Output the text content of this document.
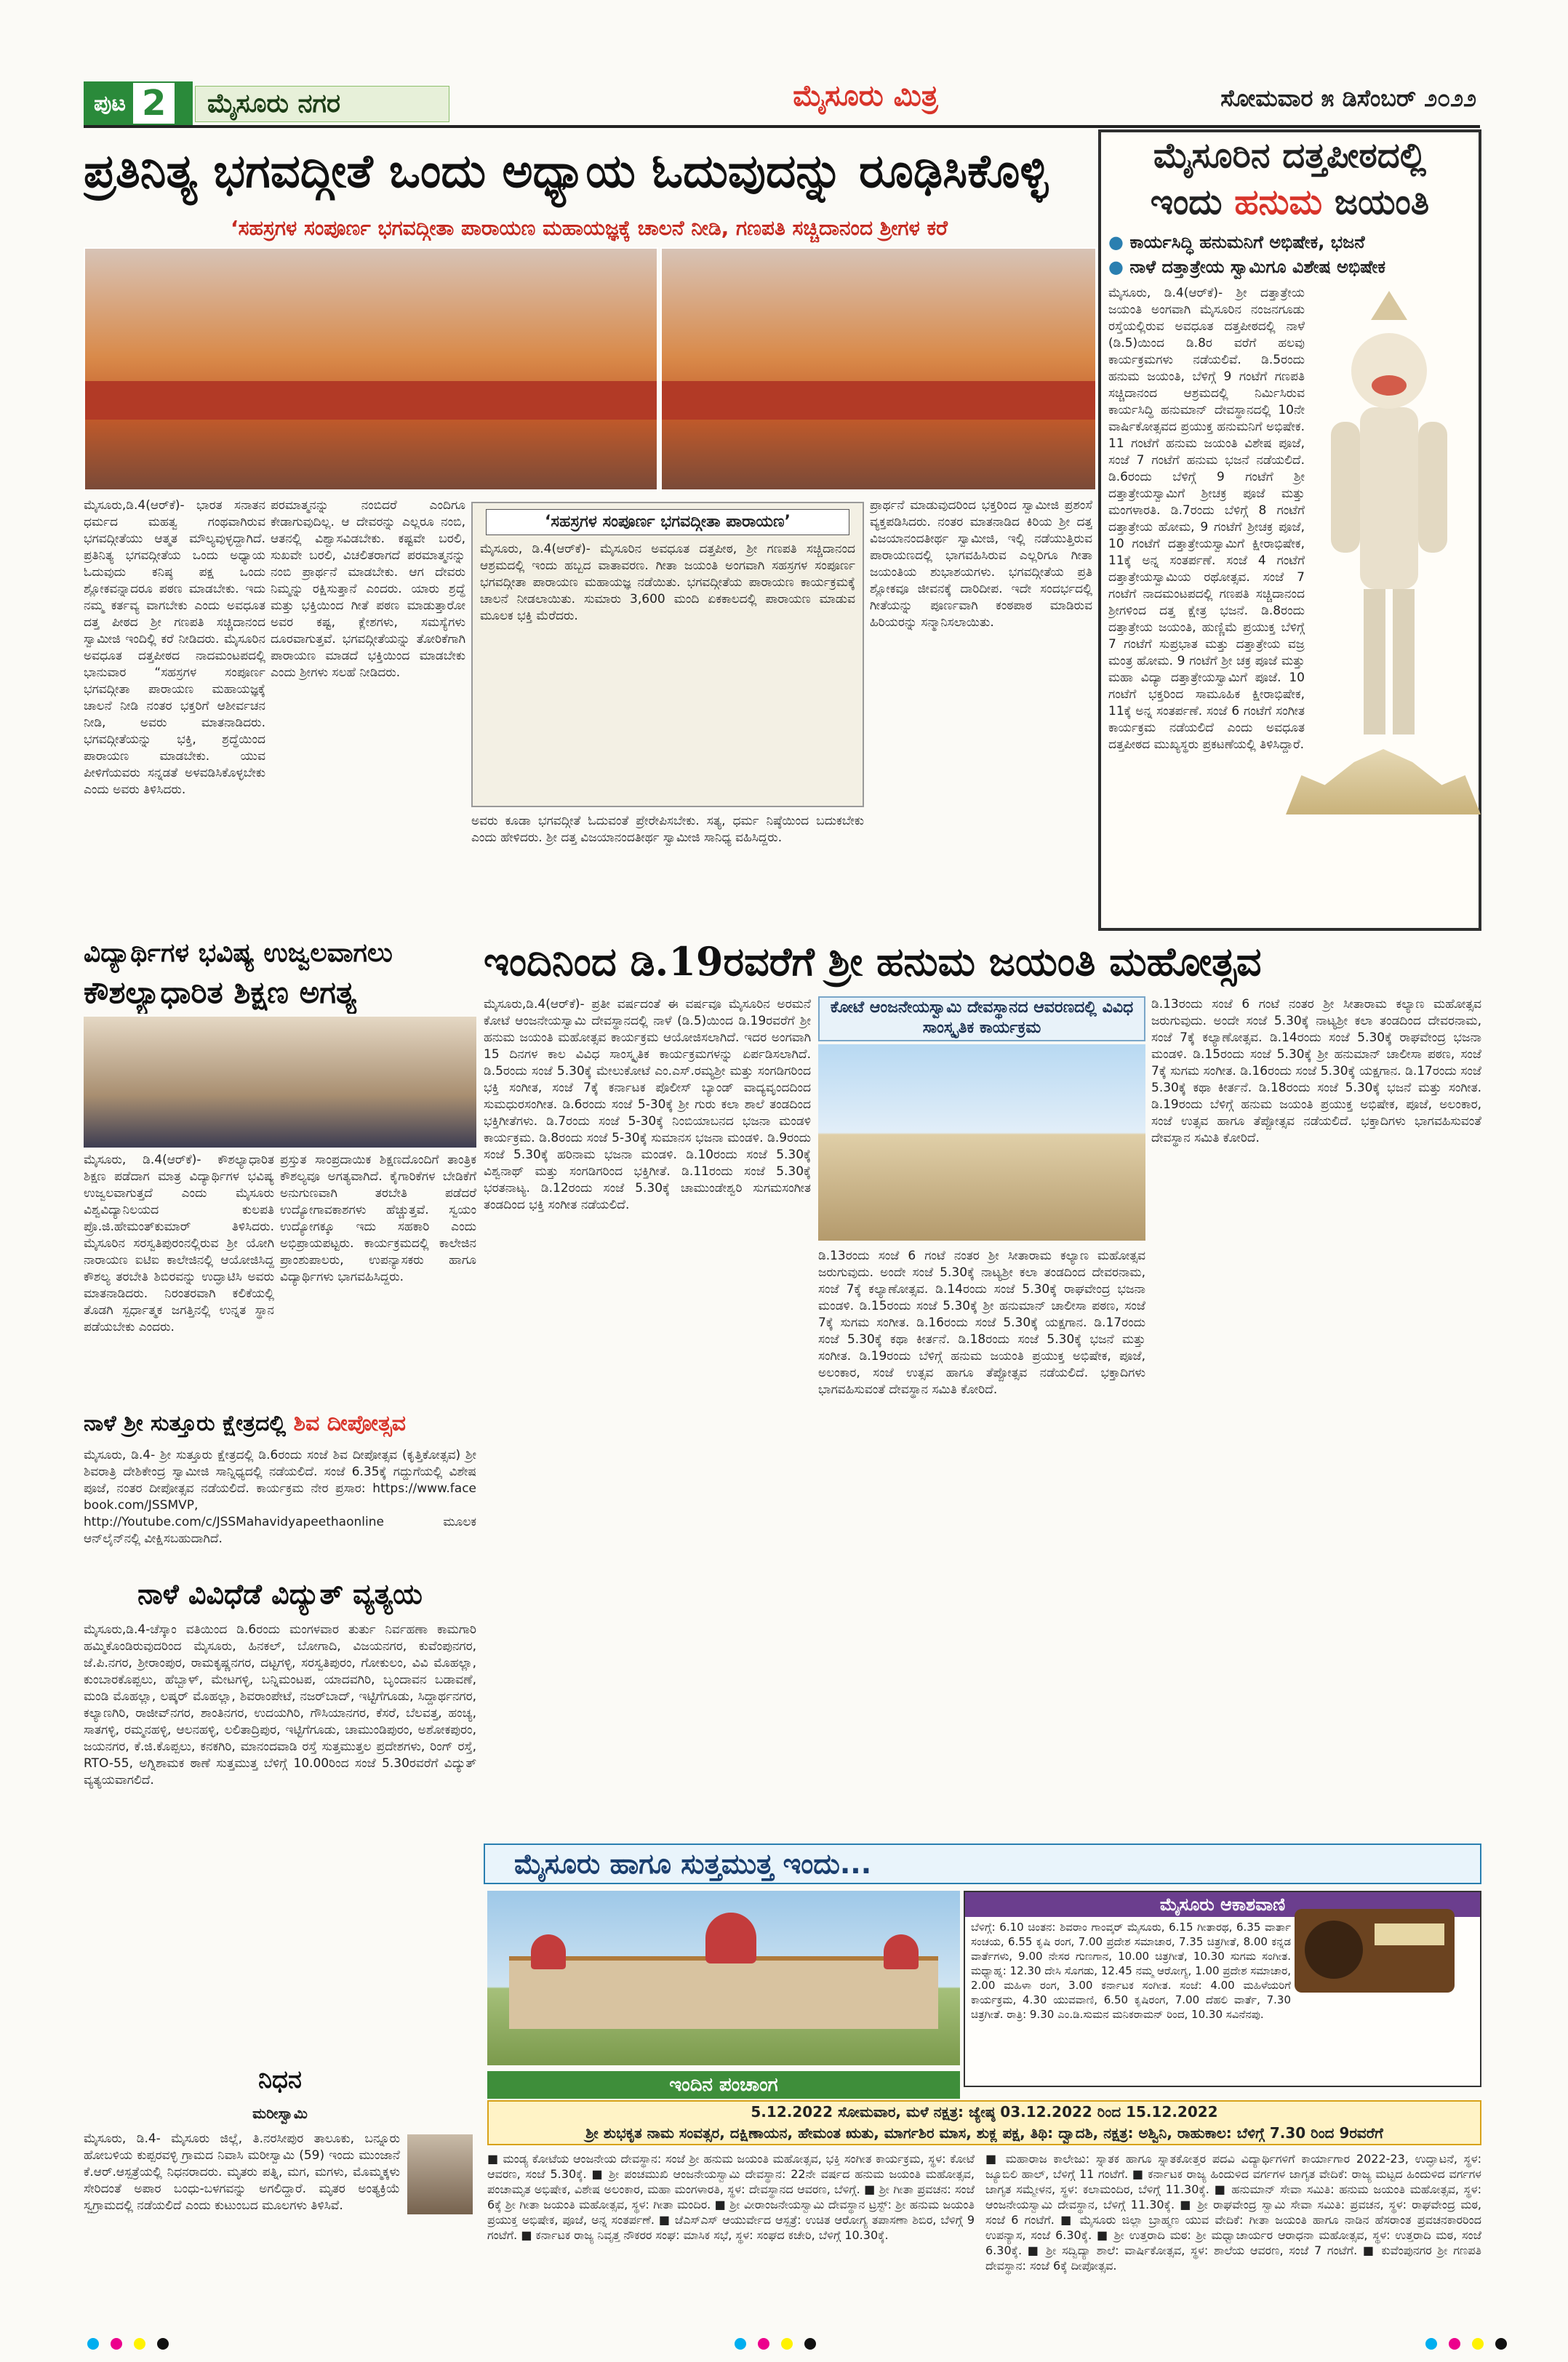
ಪುಟ 2	ಮೈಸೂರು ನಗರ	ಮೈಸೂರು ಮಿತ್ರ	ಸೋಮವಾರ ೫ ಡಿಸೆಂಬರ್ ೨೦೨೨
ಪ್ರತಿನಿತ್ಯ ಭಗವದ್ಗೀತೆ ಒಂದು ಅಧ್ಯಾಯ ಓದುವುದನ್ನು ರೂಢಿಸಿಕೊಳ್ಳಿ
‘ಸಹಸ್ರಗಳ ಸಂಪೂರ್ಣ ಭಗವದ್ಗೀತಾ ಪಾರಾಯಣ ಮಹಾಯಜ್ಞಕ್ಕೆ ಚಾಲನೆ ನೀಡಿ, ಗಣಪತಿ ಸಚ್ಚಿದಾನಂದ ಶ್ರೀಗಳ ಕರೆ
ಮೈಸೂರು,ಡಿ.4(ಆರ್‌ಕೆ)- ಭಾರತ ಸನಾತನ ಧರ್ಮದ ಮಹತ್ವ ಗಂಥವಾಗಿರುವ ಭಗವದ್ಗೀತೆಯು ಆತ್ಮತ ಮೌಲ್ಯವುಳ್ಳದ್ದಾಗಿದೆ. ಪ್ರತಿನಿತ್ಯ ಭಗವದ್ಗೀತೆಯ ಒಂದು ಅಧ್ಯಾಯ ಓದುವುದು ಕನಿಷ್ಠ ಪಕ್ಷ ಒಂದು ಶ್ಲೋಕವನ್ನಾದರೂ ಪಠಣ ಮಾಡಬೇಕು. ಇದು ನಮ್ಮ ಕರ್ತವ್ಯ ವಾಗಬೇಕು ಎಂದು ಅವಧೂತ ದತ್ತ ಪೀಠದ ಶ್ರೀ ಗಣಪತಿ ಸಚ್ಚಿದಾನಂದ ಸ್ವಾಮೀಜಿ ಇಂದಿಲ್ಲಿ ಕರೆ ನೀಡಿದರು. ಮೈಸೂರಿನ ಅವಧೂತ ದತ್ತಪೀಠದ ನಾದಮಂಟಪದಲ್ಲಿ ಭಾನುವಾರ “ಸಹಸ್ರಗಳ ಸಂಪೂರ್ಣ ಭಗವದ್ಗೀತಾ ಪಾರಾಯಣ ಮಹಾಯಜ್ಞಕ್ಕೆ ಚಾಲನೆ ನೀಡಿ ನಂತರ ಭಕ್ತರಿಗೆ ಆಶೀರ್ವಚನ ನೀಡಿ, ಅವರು ಮಾತನಾಡಿದರು. ಭಗವದ್ಗೀತೆಯನ್ನು ಭಕ್ತಿ, ಶ್ರದ್ಧೆಯಿಂದ ಪಾರಾಯಣ ಮಾಡಬೇಕು. ಯುವ ಪೀಳಿಗೆಯವರು ಸನ್ನಡತೆ ಅಳವಡಿಸಿಕೊಳ್ಳಬೇಕು ಎಂದು ಅವರು ತಿಳಿಸಿದರು.
ಪರಮಾತ್ಮನನ್ನು ನಂಬಿದರೆ ಎಂದಿಗೂ ಕೇಡಾಗುವುದಿಲ್ಲ. ಆ ದೇವರನ್ನು ಎಲ್ಲರೂ ನಂಬಿ, ಆತನಲ್ಲಿ ವಿಶ್ವಾಸವಿಡಬೇಕು. ಕಷ್ಟವೇ ಬರಲಿ, ಸುಖವೇ ಬರಲಿ, ವಿಚಲಿತರಾಗದೆ ಪರಮಾತ್ಮನನ್ನು ನಂಬಿ ಪ್ರಾರ್ಥನೆ ಮಾಡಬೇಕು. ಆಗ ದೇವರು ನಿಮ್ಮನ್ನು ರಕ್ಷಿಸುತ್ತಾನೆ ಎಂದರು. ಯಾರು ಶ್ರದ್ಧೆ ಮತ್ತು ಭಕ್ತಿಯಿಂದ ಗೀತೆ ಪಠಣ ಮಾಡುತ್ತಾರೋ ಅವರ ಕಷ್ಟ, ಕ್ಲೇಶಗಳು, ಸಮಸ್ಯೆಗಳು ದೂರವಾಗುತ್ತವೆ. ಭಗವದ್ಗೀತೆಯನ್ನು ತೋರಿಕೆಗಾಗಿ ಪಾರಾಯಣ ಮಾಡದೆ ಭಕ್ತಿಯಿಂದ ಮಾಡಬೇಕು ಎಂದು ಶ್ರೀಗಳು ಸಲಹೆ ನೀಡಿದರು.
‘ಸಹಸ್ರಗಳ ಸಂಪೂರ್ಣ ಭಗವದ್ಗೀತಾ ಪಾರಾಯಣ’
ಮೈಸೂರು, ಡಿ.4(ಆರ್‌ಕೆ)- ಮೈಸೂರಿನ ಅವಧೂತ ದತ್ತಪೀಠ, ಶ್ರೀ ಗಣಪತಿ ಸಚ್ಚಿದಾನಂದ ಆಶ್ರಮದಲ್ಲಿ ಇಂದು ಹಬ್ಬದ ವಾತಾವರಣ. ಗೀತಾ ಜಯಂತಿ ಅಂಗವಾಗಿ ಸಹಸ್ರಗಳ ಸಂಪೂರ್ಣ ಭಗವದ್ಗೀತಾ ಪಾರಾಯಣ ಮಹಾಯಜ್ಞ ನಡೆಯಿತು. ಭಗವದ್ಗೀತೆಯ ಪಾರಾಯಣ ಕಾರ್ಯಕ್ರಮಕ್ಕೆ ಚಾಲನೆ ನೀಡಲಾಯಿತು. ಸುಮಾರು 3,600 ಮಂದಿ ಏಕಕಾಲದಲ್ಲಿ ಪಾರಾಯಣ ಮಾಡುವ ಮೂಲಕ ಭಕ್ತಿ ಮೆರೆದರು.
ಅವರು ಕೂಡಾ ಭಗವದ್ಗೀತೆ ಓದುವಂತೆ ಪ್ರೇರೇಪಿಸಬೇಕು. ಸತ್ಯ, ಧರ್ಮ ನಿಷ್ಠೆಯಿಂದ ಬದುಕಬೇಕು ಎಂದು ಹೇಳಿದರು. ಶ್ರೀ ದತ್ತ ವಿಜಯಾನಂದತೀರ್ಥ ಸ್ವಾಮೀಜಿ ಸಾನಿಧ್ಯ ವಹಿಸಿದ್ದರು.
ಪ್ರಾರ್ಥನೆ ಮಾಡುವುದರಿಂದ ಭಕ್ತರಿಂದ ಸ್ವಾಮೀಜಿ ಪ್ರಶಂಸೆ ವ್ಯಕ್ತಪಡಿಸಿದರು. ನಂತರ ಮಾತನಾಡಿದ ಕಿರಿಯ ಶ್ರೀ ದತ್ತ ವಿಜಯಾನಂದತೀರ್ಥ ಸ್ವಾಮೀಜಿ, ಇಲ್ಲಿ ನಡೆಯುತ್ತಿರುವ ಪಾರಾಯಣದಲ್ಲಿ ಭಾಗವಹಿಸಿರುವ ಎಲ್ಲರಿಗೂ ಗೀತಾ ಜಯಂತಿಯ ಶುಭಾಶಯಗಳು. ಭಗವದ್ಗೀತೆಯ ಪ್ರತಿ ಶ್ಲೋಕವೂ ಜೀವನಕ್ಕೆ ದಾರಿದೀಪ. ಇದೇ ಸಂದರ್ಭದಲ್ಲಿ ಗೀತೆಯನ್ನು ಪೂರ್ಣವಾಗಿ ಕಂಠಪಾಠ ಮಾಡಿರುವ ಹಿರಿಯರನ್ನು ಸನ್ಮಾನಿಸಲಾಯಿತು.
ಮೈಸೂರಿನ ದತ್ತಪೀಠದಲ್ಲಿ
ಇಂದು ಹನುಮ ಜಯಂತಿ
● ಕಾರ್ಯಸಿದ್ಧಿ ಹನುಮನಿಗೆ ಅಭಿಷೇಕ, ಭಜನೆ
● ನಾಳೆ ದತ್ತಾತ್ರೇಯ ಸ್ವಾಮಿಗೂ ವಿಶೇಷ ಅಭಿಷೇಕ
ಮೈಸೂರು, ಡಿ.4(ಆರ್‌ಕೆ)- ಶ್ರೀ ದತ್ತಾತ್ರೇಯ ಜಯಂತಿ ಅಂಗವಾಗಿ ಮೈಸೂರಿನ ನಂಜನಗೂಡು ರಸ್ತೆಯಲ್ಲಿರುವ ಅವಧೂತ ದತ್ತಪೀಠದಲ್ಲಿ ನಾಳೆ (ಡಿ.5)ಯಿಂದ ಡಿ.8ರ ವರೆಗೆ ಹಲವು ಕಾರ್ಯಕ್ರಮಗಳು ನಡೆಯಲಿವೆ. ಡಿ.5ರಂದು ಹನುಮ ಜಯಂತಿ, ಬೆಳಿಗ್ಗೆ 9 ಗಂಟೆಗೆ ಗಣಪತಿ ಸಚ್ಚಿದಾನಂದ ಆಶ್ರಮದಲ್ಲಿ ನಿರ್ಮಿಸಿರುವ ಕಾರ್ಯಸಿದ್ಧಿ ಹನುಮಾನ್ ದೇವಸ್ಥಾನದಲ್ಲಿ 10ನೇ ವಾರ್ಷಿಕೋತ್ಸವದ ಪ್ರಯುಕ್ತ ಹನುಮನಿಗೆ ಅಭಿಷೇಕ. 11 ಗಂಟೆಗೆ ಹನುಮ ಜಯಂತಿ ವಿಶೇಷ ಪೂಜೆ, ಸಂಜೆ 7 ಗಂಟೆಗೆ ಹನುಮ ಭಜನೆ ನಡೆಯಲಿದೆ. ಡಿ.6ರಂದು ಬೆಳಿಗ್ಗೆ 9 ಗಂಟೆಗೆ ಶ್ರೀ ದತ್ತಾತ್ರೇಯಸ್ವಾಮಿಗೆ ಶ್ರೀಚಕ್ರ ಪೂಜೆ ಮತ್ತು ಮಂಗಳಾರತಿ. ಡಿ.7ರಂದು ಬೆಳಿಗ್ಗೆ 8 ಗಂಟೆಗೆ ದತ್ತಾತ್ರೇಯ ಹೋಮ, 9 ಗಂಟೆಗೆ ಶ್ರೀಚಕ್ರ ಪೂಜೆ, 10 ಗಂಟೆಗೆ ದತ್ತಾತ್ರೇಯಸ್ವಾಮಿಗೆ ಕ್ಷೀರಾಭಿಷೇಕ, 11ಕ್ಕೆ ಅನ್ನ ಸಂತರ್ಪಣೆ. ಸಂಜೆ 4 ಗಂಟೆಗೆ ದತ್ತಾತ್ರೇಯಸ್ವಾಮಿಯ ರಥೋತ್ಸವ. ಸಂಜೆ 7 ಗಂಟೆಗೆ ನಾದಮಂಟಪದಲ್ಲಿ ಗಣಪತಿ ಸಚ್ಚಿದಾನಂದ ಶ್ರೀಗಳಿಂದ ದತ್ತ ಕ್ಷೇತ್ರ ಭಜನೆ. ಡಿ.8ರಂದು ದತ್ತಾತ್ರೇಯ ಜಯಂತಿ, ಹುಣ್ಣಿಮೆ ಪ್ರಯುಕ್ತ ಬೆಳಿಗ್ಗೆ 7 ಗಂಟೆಗೆ ಸುಪ್ರಭಾತ ಮತ್ತು ದತ್ತಾತ್ರೇಯ ವಜ್ರ ಮಂತ್ರ ಹೋಮ. 9 ಗಂಟೆಗೆ ಶ್ರೀ ಚಕ್ರ ಪೂಜೆ ಮತ್ತು ಮಹಾ ವಿದ್ಯಾ ದತ್ತಾತ್ರೇಯಸ್ವಾಮಿಗೆ ಪೂಜೆ. 10 ಗಂಟೆಗೆ ಭಕ್ತರಿಂದ ಸಾಮೂಹಿಕ ಕ್ಷೀರಾಭಿಷೇಕ, 11ಕ್ಕೆ ಅನ್ನ ಸಂತರ್ಪಣೆ. ಸಂಜೆ 6 ಗಂಟೆಗೆ ಸಂಗೀತ ಕಾರ್ಯಕ್ರಮ ನಡೆಯಲಿದೆ ಎಂದು ಅವಧೂತ ದತ್ತಪೀಠದ ಮುಖ್ಯಸ್ಥರು ಪ್ರಕಟಣೆಯಲ್ಲಿ ತಿಳಿಸಿದ್ದಾರೆ.
ವಿದ್ಯಾರ್ಥಿಗಳ ಭವಿಷ್ಯ ಉಜ್ವಲವಾಗಲು
ಕೌಶಲ್ಯಾಧಾರಿತ ಶಿಕ್ಷಣ ಅಗತ್ಯ
ಮೈಸೂರು, ಡಿ.4(ಆರ್‌ಕೆ)- ಕೌಶಲ್ಯಾಧಾರಿತ ಶಿಕ್ಷಣ ಪಡೆದಾಗ ಮಾತ್ರ ವಿದ್ಯಾರ್ಥಿಗಳ ಭವಿಷ್ಯ ಉಜ್ವಲವಾಗುತ್ತದೆ ಎಂದು ಮೈಸೂರು ವಿಶ್ವವಿದ್ಯಾನಿಲಯದ ಕುಲಪತಿ ಪ್ರೊ.ಜಿ.ಹೇಮಂತ್‌ಕುಮಾರ್ ತಿಳಿಸಿದರು. ಮೈಸೂರಿನ ಸರಸ್ವತಿಪುರಂನಲ್ಲಿರುವ ಶ್ರೀ ಯೋಗಿ ನಾರಾಯಣ ಐಟಿಐ ಕಾಲೇಜಿನಲ್ಲಿ ಆಯೋಜಿಸಿದ್ದ ಕೌಶಲ್ಯ ತರಬೇತಿ ಶಿಬಿರವನ್ನು ಉದ್ಘಾಟಿಸಿ ಅವರು ಮಾತನಾಡಿದರು. ನಿರಂತರವಾಗಿ ಕಲಿಕೆಯಲ್ಲಿ ತೊಡಗಿ ಸ್ಪರ್ಧಾತ್ಮಕ ಜಗತ್ತಿನಲ್ಲಿ ಉನ್ನತ ಸ್ಥಾನ ಪಡೆಯಬೇಕು ಎಂದರು.
ಪ್ರಸ್ತುತ ಸಾಂಪ್ರದಾಯಿಕ ಶಿಕ್ಷಣದೊಂದಿಗೆ ತಾಂತ್ರಿಕ ಕೌಶಲ್ಯವೂ ಅಗತ್ಯವಾಗಿದೆ. ಕೈಗಾರಿಕೆಗಳ ಬೇಡಿಕೆಗೆ ಅನುಗುಣವಾಗಿ ತರಬೇತಿ ಪಡೆದರೆ ಉದ್ಯೋಗಾವಕಾಶಗಳು ಹೆಚ್ಚುತ್ತವೆ. ಸ್ವಯಂ ಉದ್ಯೋಗಕ್ಕೂ ಇದು ಸಹಕಾರಿ ಎಂದು ಅಭಿಪ್ರಾಯಪಟ್ಟರು. ಕಾರ್ಯಕ್ರಮದಲ್ಲಿ ಕಾಲೇಜಿನ ಪ್ರಾಂಶುಪಾಲರು, ಉಪನ್ಯಾಸಕರು ಹಾಗೂ ವಿದ್ಯಾರ್ಥಿಗಳು ಭಾಗವಹಿಸಿದ್ದರು.
ಇಂದಿನಿಂದ ಡಿ.19ರವರೆಗೆ ಶ್ರೀ ಹನುಮ ಜಯಂತಿ ಮಹೋತ್ಸವ
ಮೈಸೂರು,ಡಿ.4(ಆರ್‌ಕೆ)- ಪ್ರತೀ ವರ್ಷದಂತೆ ಈ ವರ್ಷವೂ ಮೈಸೂರಿನ ಅರಮನೆ ಕೋಟೆ ಆಂಜನೇಯಸ್ವಾಮಿ ದೇವಸ್ಥಾನದಲ್ಲಿ ನಾಳೆ (ಡಿ.5)ಯಿಂದ ಡಿ.19ರವರೆಗೆ ಶ್ರೀ ಹನುಮ ಜಯಂತಿ ಮಹೋತ್ಸವ ಕಾರ್ಯಕ್ರಮ ಆಯೋಜಿಸಲಾಗಿದೆ. ಇದರ ಅಂಗವಾಗಿ 15 ದಿನಗಳ ಕಾಲ ವಿವಿಧ ಸಾಂಸ್ಕೃತಿಕ ಕಾರ್ಯಕ್ರಮಗಳನ್ನು ಏರ್ಪಡಿಸಲಾಗಿದೆ. ಡಿ.5ರಂದು ಸಂಜೆ 5.30ಕ್ಕೆ ಮೇಲುಕೋಟೆ ಎಂ.ಎಸ್.ರಮ್ಯಶ್ರೀ ಮತ್ತು ಸಂಗಡಿಗರಿಂದ ಭಕ್ತಿ ಸಂಗೀತ, ಸಂಜೆ 7ಕ್ಕೆ ಕರ್ನಾಟಕ ಪೊಲೀಸ್ ಬ್ಯಾಂಡ್ ವಾದ್ಯವೃಂದದಿಂದ ಸುಮಧುರಸಂಗೀತ. ಡಿ.6ರಂದು ಸಂಜೆ 5-30ಕ್ಕೆ ಶ್ರೀ ಗುರು ಕಲಾ ಶಾಲೆ ತಂಡದಿಂದ ಭಕ್ತಿಗೀತೆಗಳು. ಡಿ.7ರಂದು ಸಂಜೆ 5-30ಕ್ಕೆ ನಿಂಬಿಯಾಬನದ ಭಜನಾ ಮಂಡಳಿ ಕಾರ್ಯಕ್ರಮ. ಡಿ.8ರಂದು ಸಂಜೆ 5-30ಕ್ಕೆ ಸುಮಾನಸ ಭಜನಾ ಮಂಡಳಿ. ಡಿ.9ರಂದು ಸಂಜೆ 5.30ಕ್ಕೆ ಹರಿನಾಮ ಭಜನಾ ಮಂಡಳಿ. ಡಿ.10ರಂದು ಸಂಜೆ 5.30ಕ್ಕೆ ವಿಶ್ವನಾಥ್ ಮತ್ತು ಸಂಗಡಿಗರಿಂದ ಭಕ್ತಿಗೀತೆ. ಡಿ.11ರಂದು ಸಂಜೆ 5.30ಕ್ಕೆ ಭರತನಾಟ್ಯ. ಡಿ.12ರಂದು ಸಂಜೆ 5.30ಕ್ಕೆ ಚಾಮುಂಡೇಶ್ವರಿ ಸುಗಮಸಂಗೀತ ತಂಡದಿಂದ ಭಕ್ತಿ ಸಂಗೀತ ನಡೆಯಲಿದೆ.
ಕೋಟೆ ಆಂಜನೇಯಸ್ವಾಮಿ ದೇವಸ್ಥಾನದ ಆವರಣದಲ್ಲಿ ವಿವಿಧ ಸಾಂಸ್ಕೃತಿಕ ಕಾರ್ಯಕ್ರಮ
ಡಿ.13ರಂದು ಸಂಜೆ 6 ಗಂಟೆ ನಂತರ ಶ್ರೀ ಸೀತಾರಾಮ ಕಲ್ಯಾಣ ಮಹೋತ್ಸವ ಜರುಗುವುದು. ಅಂದೇ ಸಂಜೆ 5.30ಕ್ಕೆ ನಾಟ್ಯಶ್ರೀ ಕಲಾ ತಂಡದಿಂದ ದೇವರನಾಮ, ಸಂಜೆ 7ಕ್ಕೆ ಕಲ್ಯಾಣೋತ್ಸವ. ಡಿ.14ರಂದು ಸಂಜೆ 5.30ಕ್ಕೆ ರಾಘವೇಂದ್ರ ಭಜನಾ ಮಂಡಳಿ. ಡಿ.15ರಂದು ಸಂಜೆ 5.30ಕ್ಕೆ ಶ್ರೀ ಹನುಮಾನ್ ಚಾಲೀಸಾ ಪಠಣ, ಸಂಜೆ 7ಕ್ಕೆ ಸುಗಮ ಸಂಗೀತ. ಡಿ.16ರಂದು ಸಂಜೆ 5.30ಕ್ಕೆ ಯಕ್ಷಗಾನ. ಡಿ.17ರಂದು ಸಂಜೆ 5.30ಕ್ಕೆ ಕಥಾ ಕೀರ್ತನೆ. ಡಿ.18ರಂದು ಸಂಜೆ 5.30ಕ್ಕೆ ಭಜನೆ ಮತ್ತು ಸಂಗೀತ. ಡಿ.19ರಂದು ಬೆಳಿಗ್ಗೆ ಹನುಮ ಜಯಂತಿ ಪ್ರಯುಕ್ತ ಅಭಿಷೇಕ, ಪೂಜೆ, ಅಲಂಕಾರ, ಸಂಜೆ ಉತ್ಸವ ಹಾಗೂ ತೆಪ್ಪೋತ್ಸವ ನಡೆಯಲಿದೆ. ಭಕ್ತಾದಿಗಳು ಭಾಗವಹಿಸುವಂತೆ ದೇವಸ್ಥಾನ ಸಮಿತಿ ಕೋರಿದೆ.
ಡಿ.13ರಂದು ಸಂಜೆ 6 ಗಂಟೆ ನಂತರ ಶ್ರೀ ಸೀತಾರಾಮ ಕಲ್ಯಾಣ ಮಹೋತ್ಸವ ಜರುಗುವುದು. ಅಂದೇ ಸಂಜೆ 5.30ಕ್ಕೆ ನಾಟ್ಯಶ್ರೀ ಕಲಾ ತಂಡದಿಂದ ದೇವರನಾಮ, ಸಂಜೆ 7ಕ್ಕೆ ಕಲ್ಯಾಣೋತ್ಸವ. ಡಿ.14ರಂದು ಸಂಜೆ 5.30ಕ್ಕೆ ರಾಘವೇಂದ್ರ ಭಜನಾ ಮಂಡಳಿ. ಡಿ.15ರಂದು ಸಂಜೆ 5.30ಕ್ಕೆ ಶ್ರೀ ಹನುಮಾನ್ ಚಾಲೀಸಾ ಪಠಣ, ಸಂಜೆ 7ಕ್ಕೆ ಸುಗಮ ಸಂಗೀತ. ಡಿ.16ರಂದು ಸಂಜೆ 5.30ಕ್ಕೆ ಯಕ್ಷಗಾನ. ಡಿ.17ರಂದು ಸಂಜೆ 5.30ಕ್ಕೆ ಕಥಾ ಕೀರ್ತನೆ. ಡಿ.18ರಂದು ಸಂಜೆ 5.30ಕ್ಕೆ ಭಜನೆ ಮತ್ತು ಸಂಗೀತ. ಡಿ.19ರಂದು ಬೆಳಿಗ್ಗೆ ಹನುಮ ಜಯಂತಿ ಪ್ರಯುಕ್ತ ಅಭಿಷೇಕ, ಪೂಜೆ, ಅಲಂಕಾರ, ಸಂಜೆ ಉತ್ಸವ ಹಾಗೂ ತೆಪ್ಪೋತ್ಸವ ನಡೆಯಲಿದೆ. ಭಕ್ತಾದಿಗಳು ಭಾಗವಹಿಸುವಂತೆ ದೇವಸ್ಥಾನ ಸಮಿತಿ ಕೋರಿದೆ.
ನಾಳೆ ಶ್ರೀ ಸುತ್ತೂರು ಕ್ಷೇತ್ರದಲ್ಲಿ ಶಿವ ದೀಪೋತ್ಸವ
ಮೈಸೂರು, ಡಿ.4- ಶ್ರೀ ಸುತ್ತೂರು ಕ್ಷೇತ್ರದಲ್ಲಿ ಡಿ.6ರಂದು ಸಂಜೆ ಶಿವ ದೀಪೋತ್ಸವ (ಕೃತ್ತಿಕೋತ್ಸವ) ಶ್ರೀ ಶಿವರಾತ್ರಿ ದೇಶಿಕೇಂದ್ರ ಸ್ವಾಮೀಜಿ ಸಾನ್ನಿಧ್ಯದಲ್ಲಿ ನಡೆಯಲಿದೆ. ಸಂಜೆ 6.35ಕ್ಕೆ ಗದ್ದುಗೆಯಲ್ಲಿ ವಿಶೇಷ ಪೂಜೆ, ನಂತರ ದೀಪೋತ್ಸವ ನಡೆಯಲಿದೆ. ಕಾರ್ಯಕ್ರಮ ನೇರ ಪ್ರಸಾರ: https://www.face book.com/JSSMVP, http://Youtube.com/c/JSSMahavidyapeethaonline ಮೂಲಕ ಆನ್‌ಲೈನ್‌ನಲ್ಲಿ ವೀಕ್ಷಿಸಬಹುದಾಗಿದೆ.
ನಾಳೆ ವಿವಿಧೆಡೆ ವಿದ್ಯುತ್ ವ್ಯತ್ಯಯ
ಮೈಸೂರು,ಡಿ.4-ಚೆಸ್ಕಾಂ ವತಿಯಿಂದ ಡಿ.6ರಂದು ಮಂಗಳವಾರ ತುರ್ತು ನಿರ್ವಹಣಾ ಕಾಮಗಾರಿ ಹಮ್ಮಿಕೊಂಡಿರುವುದರಿಂದ ಮೈಸೂರು, ಹಿನಕಲ್, ಬೋಗಾದಿ, ವಿಜಯನಗರ, ಕುವೆಂಪುನಗರ, ಜೆ.ಪಿ.ನಗರ, ಶ್ರೀರಾಂಪುರ, ರಾಮಕೃಷ್ಣನಗರ, ದಟ್ಟಗಳ್ಳಿ, ಸರಸ್ವತಿಪುರಂ, ಗೋಕುಲಂ, ವಿವಿ ಮೊಹಲ್ಲಾ, ಕುಂಬಾರಕೊಪ್ಪಲು, ಹೆಬ್ಬಾಳ್, ಮೇಟಗಳ್ಳಿ, ಬನ್ನಿಮಂಟಪ, ಯಾದವಗಿರಿ, ಬೃಂದಾವನ ಬಡಾವಣೆ, ಮಂಡಿ ಮೊಹಲ್ಲಾ, ಲಷ್ಕರ್ ಮೊಹಲ್ಲಾ, ಶಿವರಾಂಪೇಟೆ, ನಜರ್‌ಬಾದ್, ಇಟ್ಟಿಗೆಗೂಡು, ಸಿದ್ದಾರ್ಥನಗರ, ಕಲ್ಯಾಣಗಿರಿ, ರಾಜೀವ್‌ನಗರ, ಶಾಂತಿನಗರ, ಉದಯಗಿರಿ, ಗೌಸಿಯಾನಗರ, ಕೆಸರೆ, ಬೆಲವತ್ತ, ಹಂಚ್ಯ, ಸಾತಗಳ್ಳಿ, ರಮ್ಮನಹಳ್ಳಿ, ಆಲನಹಳ್ಳಿ, ಲಲಿತಾದ್ರಿಪುರ, ಇಟ್ಟಿಗೆಗೂಡು, ಚಾಮುಂಡಿಪುರಂ, ಅಶೋಕಪುರಂ, ಜಯನಗರ, ಕೆ.ಜಿ.ಕೊಪ್ಪಲು, ಕನಕಗಿರಿ, ಮಾನಂದವಾಡಿ ರಸ್ತೆ ಸುತ್ತಮುತ್ತಲ ಪ್ರದೇಶಗಳು, ರಿಂಗ್ ರಸ್ತೆ, RTO-55, ಅಗ್ನಿಶಾಮಕ ಠಾಣೆ ಸುತ್ತಮುತ್ತ ಬೆಳಿಗ್ಗೆ 10.00ರಿಂದ ಸಂಜೆ 5.30ರವರೆಗೆ ವಿದ್ಯುತ್ ವ್ಯತ್ಯಯವಾಗಲಿದೆ.
ನಿಧನ
ಮರೀಸ್ವಾಮಿ
ಮೈಸೂರು, ಡಿ.4- ಮೈಸೂರು ಜಿಲ್ಲೆ, ತಿ.ನರಸೀಪುರ ತಾಲೂಕು, ಬನ್ನೂರು ಹೋಬಳಿಯ ಕುಪ್ಪರವಳ್ಳಿ ಗ್ರಾಮದ ನಿವಾಸಿ ಮರೀಸ್ವಾಮಿ (59) ಇಂದು ಮುಂಜಾನೆ ಕೆ.ಆರ್.ಆಸ್ಪತ್ರೆಯಲ್ಲಿ ನಿಧನರಾದರು. ಮೃತರು ಪತ್ನಿ, ಮಗ, ಮಗಳು, ಮೊಮ್ಮಕ್ಕಳು ಸೇರಿದಂತೆ ಅಪಾರ ಬಂಧು-ಬಳಗವನ್ನು ಅಗಲಿದ್ದಾರೆ. ಮೃತರ ಅಂತ್ಯಕ್ರಿಯೆ ಸ್ವಗ್ರಾಮದಲ್ಲಿ ನಡೆಯಲಿದೆ ಎಂದು ಕುಟುಂಬದ ಮೂಲಗಳು ತಿಳಿಸಿವೆ.
ಮೈಸೂರು ಹಾಗೂ ಸುತ್ತಮುತ್ತ ಇಂದು...
ಮೈಸೂರು ಆಕಾಶವಾಣಿ
ಬೆಳಿಗ್ಗೆ: 6.10 ಚಿಂತನ: ಶಿವರಾಂ ಗಾಂವ್ಕರ್ ಮೈಸೂರು, 6.15 ಗೀತಾರಥ, 6.35 ವಾರ್ತಾ ಸಂಚಯ, 6.55 ಕೃಷಿ ರಂಗ, 7.00 ಪ್ರದೇಶ ಸಮಾಚಾರ, 7.35 ಚಿತ್ರಗೀತೆ, 8.00 ಕನ್ನಡ ವಾರ್ತೆಗಳು, 9.00 ನೇಸರ ಗುಣಗಾನ, 10.00 ಚಿತ್ರಗೀತೆ, 10.30 ಸುಗಮ ಸಂಗೀತ. ಮಧ್ಯಾಹ್ನ: 12.30 ದೇಸಿ ಸೊಗಡು, 12.45 ನಮ್ಮ ಆರೋಗ್ಯ, 1.00 ಪ್ರದೇಶ ಸಮಾಚಾರ, 2.00 ಮಹಿಳಾ ರಂಗ, 3.00 ಕರ್ನಾಟಕ ಸಂಗೀತ. ಸಂಜೆ: 4.00 ಮಹಿಳೆಯರಿಗೆ ಕಾರ್ಯಕ್ರಮ, 4.30 ಯುವವಾಣಿ, 6.50 ಕೃಷಿರಂಗ, 7.00 ದೆಹಲಿ ವಾರ್ತೆ, 7.30 ಚಿತ್ರಗೀತೆ. ರಾತ್ರಿ: 9.30 ಎಂ.ಡಿ.ಸುಮನ ಮನಿಕರಾಮನ್ ರಿಂದ, 10.30 ಸವಿನೆನಪು.
ಇಂದಿನ ಪಂಚಾಂಗ
5.12.2022 ಸೋಮವಾರ, ಮಳೆ ನಕ್ಷತ್ರ: ಜ್ಯೇಷ್ಠ 03.12.2022 ರಿಂದ 15.12.2022
ಶ್ರೀ ಶುಭಕೃತ ನಾಮ ಸಂವತ್ಸರ, ದಕ್ಷಿಣಾಯನ, ಹೇಮಂತ ಋತು, ಮಾರ್ಗಶಿರ ಮಾಸ, ಶುಕ್ಲ ಪಕ್ಷ, ತಿಥಿ: ದ್ವಾದಶಿ, ನಕ್ಷತ್ರ: ಅಶ್ವಿನಿ, ರಾಹುಕಾಲ: ಬೆಳಿಗ್ಗೆ 7.30 ರಿಂದ 9ರವರೆಗೆ
■ ಮಂಡ್ಯ ಕೋಟೆಯ ಆಂಜನೇಯ ದೇವಸ್ಥಾನ: ಸಂಜೆ ಶ್ರೀ ಹನುಮ ಜಯಂತಿ ಮಹೋತ್ಸವ, ಭಕ್ತಿ ಸಂಗೀತ ಕಾರ್ಯಕ್ರಮ, ಸ್ಥಳ: ಕೋಟೆ ಆವರಣ, ಸಂಜೆ 5.30ಕ್ಕೆ. ■ ಶ್ರೀ ಪಂಚಮುಖಿ ಆಂಜನೇಯಸ್ವಾಮಿ ದೇವಸ್ಥಾನ: 22ನೇ ವರ್ಷದ ಹನುಮ ಜಯಂತಿ ಮಹೋತ್ಸವ, ಪಂಚಾಮೃತ ಅಭಿಷೇಕ, ವಿಶೇಷ ಅಲಂಕಾರ, ಮಹಾ ಮಂಗಳಾರತಿ, ಸ್ಥಳ: ದೇವಸ್ಥಾನದ ಆವರಣ, ಬೆಳಿಗ್ಗೆ. ■ ಶ್ರೀ ಗೀತಾ ಪ್ರವಚನ: ಸಂಜೆ 6ಕ್ಕೆ ಶ್ರೀ ಗೀತಾ ಜಯಂತಿ ಮಹೋತ್ಸವ, ಸ್ಥಳ: ಗೀತಾ ಮಂದಿರ. ■ ಶ್ರೀ ವೀರಾಂಜನೇಯಸ್ವಾಮಿ ದೇವಸ್ಥಾನ ಟ್ರಸ್ಟ್: ಶ್ರೀ ಹನುಮ ಜಯಂತಿ ಪ್ರಯುಕ್ತ ಅಭಿಷೇಕ, ಪೂಜೆ, ಅನ್ನ ಸಂತರ್ಪಣೆ. ■ ಜೆಎಸ್‌ಎಸ್ ಆಯುರ್ವೇದ ಆಸ್ಪತ್ರೆ: ಉಚಿತ ಆರೋಗ್ಯ ತಪಾಸಣಾ ಶಿಬಿರ, ಬೆಳಿಗ್ಗೆ 9 ಗಂಟೆಗೆ. ■ ಕರ್ನಾಟಕ ರಾಜ್ಯ ನಿವೃತ್ತ ನೌಕರರ ಸಂಘ: ಮಾಸಿಕ ಸಭೆ, ಸ್ಥಳ: ಸಂಘದ ಕಚೇರಿ, ಬೆಳಿಗ್ಗೆ 10.30ಕ್ಕೆ.
■ ಮಹಾರಾಜ ಕಾಲೇಜು: ಸ್ನಾತಕ ಹಾಗೂ ಸ್ನಾತಕೋತ್ತರ ಪದವಿ ವಿದ್ಯಾರ್ಥಿಗಳಿಗೆ ಕಾರ್ಯಾಗಾರ 2022-23, ಉದ್ಘಾಟನೆ, ಸ್ಥಳ: ಜ್ಯೂಬಿಲಿ ಹಾಲ್, ಬೆಳಿಗ್ಗೆ 11 ಗಂಟೆಗೆ. ■ ಕರ್ನಾಟಕ ರಾಜ್ಯ ಹಿಂದುಳಿದ ವರ್ಗಗಳ ಜಾಗೃತ ವೇದಿಕೆ: ರಾಜ್ಯ ಮಟ್ಟದ ಹಿಂದುಳಿದ ವರ್ಗಗಳ ಜಾಗೃತ ಸಮ್ಮೇಳನ, ಸ್ಥಳ: ಕಲಾಮಂದಿರ, ಬೆಳಿಗ್ಗೆ 11.30ಕ್ಕೆ. ■ ಹನುಮಾನ್ ಸೇವಾ ಸಮಿತಿ: ಹನುಮ ಜಯಂತಿ ಮಹೋತ್ಸವ, ಸ್ಥಳ: ಆಂಜನೇಯಸ್ವಾಮಿ ದೇವಸ್ಥಾನ, ಬೆಳಿಗ್ಗೆ 11.30ಕ್ಕೆ. ■ ಶ್ರೀ ರಾಘವೇಂದ್ರ ಸ್ವಾಮಿ ಸೇವಾ ಸಮಿತಿ: ಪ್ರವಚನ, ಸ್ಥಳ: ರಾಘವೇಂದ್ರ ಮಠ, ಸಂಜೆ 6 ಗಂಟೆಗೆ. ■ ಮೈಸೂರು ಜಿಲ್ಲಾ ಬ್ರಾಹ್ಮಣ ಯುವ ವೇದಿಕೆ: ಗೀತಾ ಜಯಂತಿ ಹಾಗೂ ನಾಡಿನ ಹೆಸರಾಂತ ಪ್ರವಚನಕಾರರಿಂದ ಉಪನ್ಯಾಸ, ಸಂಜೆ 6.30ಕ್ಕೆ. ■ ಶ್ರೀ ಉತ್ತರಾದಿ ಮಠ: ಶ್ರೀ ಮಧ್ವಾಚಾರ್ಯರ ಆರಾಧನಾ ಮಹೋತ್ಸವ, ಸ್ಥಳ: ಉತ್ತರಾದಿ ಮಠ, ಸಂಜೆ 6.30ಕ್ಕೆ. ■ ಶ್ರೀ ಸದ್ವಿದ್ಯಾ ಶಾಲೆ: ವಾರ್ಷಿಕೋತ್ಸವ, ಸ್ಥಳ: ಶಾಲೆಯ ಆವರಣ, ಸಂಜೆ 7 ಗಂಟೆಗೆ. ■ ಕುವೆಂಪುನಗರ ಶ್ರೀ ಗಣಪತಿ ದೇವಸ್ಥಾನ: ಸಂಜೆ 6ಕ್ಕೆ ದೀಪೋತ್ಸವ.
